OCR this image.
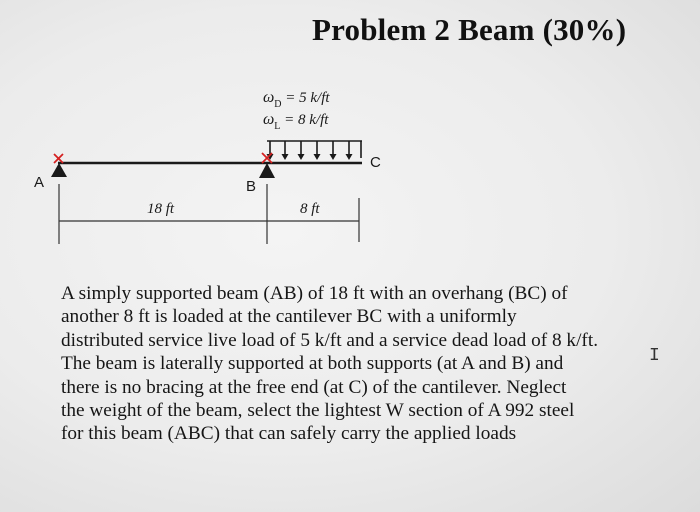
Problem 2 Beam (30%)
A	B
C
18 ft	8 ft
$\omega_D = 5$ k/ft
$\omega_L = 8$ k/ft
A simply supported beam (AB) of 18 ft with an overhang (BC) of
another 8 ft is loaded at the cantilever BC with a uniformly
distributed service live load of 5 k/ft and a service dead load of 8 k/ft.
The beam is laterally supported at both supports (at A and B) and
there is no bracing at the free end (at C) of the cantilever. Neglect
the weight of the beam, select the lightest W section of A 992 steel
for this beam (ABC) that can safely carry the applied loads
I
